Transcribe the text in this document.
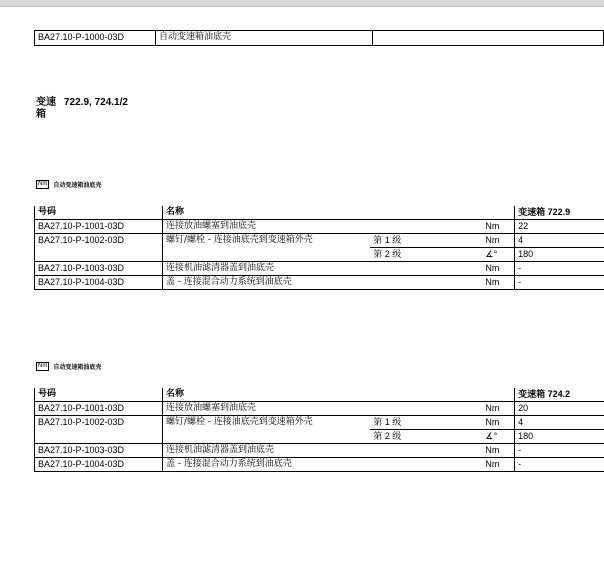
BA27.10-P-1000-03D	自动变速箱油底壳	
变速 722.9, 724.1/2
箱
Nm	自动变速箱油底壳
号码	名称			变速箱 722.9
BA27.10-P-1001-03D	连接放油螺塞到油底壳		Nm	22
BA27.10-P-1002-03D	螺钉/螺栓 - 连接油底壳到变速箱外壳	第 1 级	Nm	4
		第 2 级	∡°	180
BA27.10-P-1003-03D	连接机油滤清器盖到油底壳		Nm	-
BA27.10-P-1004-03D	盖 - 连接混合动力系统到油底壳		Nm	-
Nm	自动变速箱油底壳
号码	名称			变速箱 724.2
BA27.10-P-1001-03D	连接放油螺塞到油底壳		Nm	20
BA27.10-P-1002-03D	螺钉/螺栓 - 连接油底壳到变速箱外壳	第 1 级	Nm	4
		第 2 级	∡°	180
BA27.10-P-1003-03D	连接机油滤清器盖到油底壳		Nm	-
BA27.10-P-1004-03D	盖 - 连接混合动力系统到油底壳		Nm	-
